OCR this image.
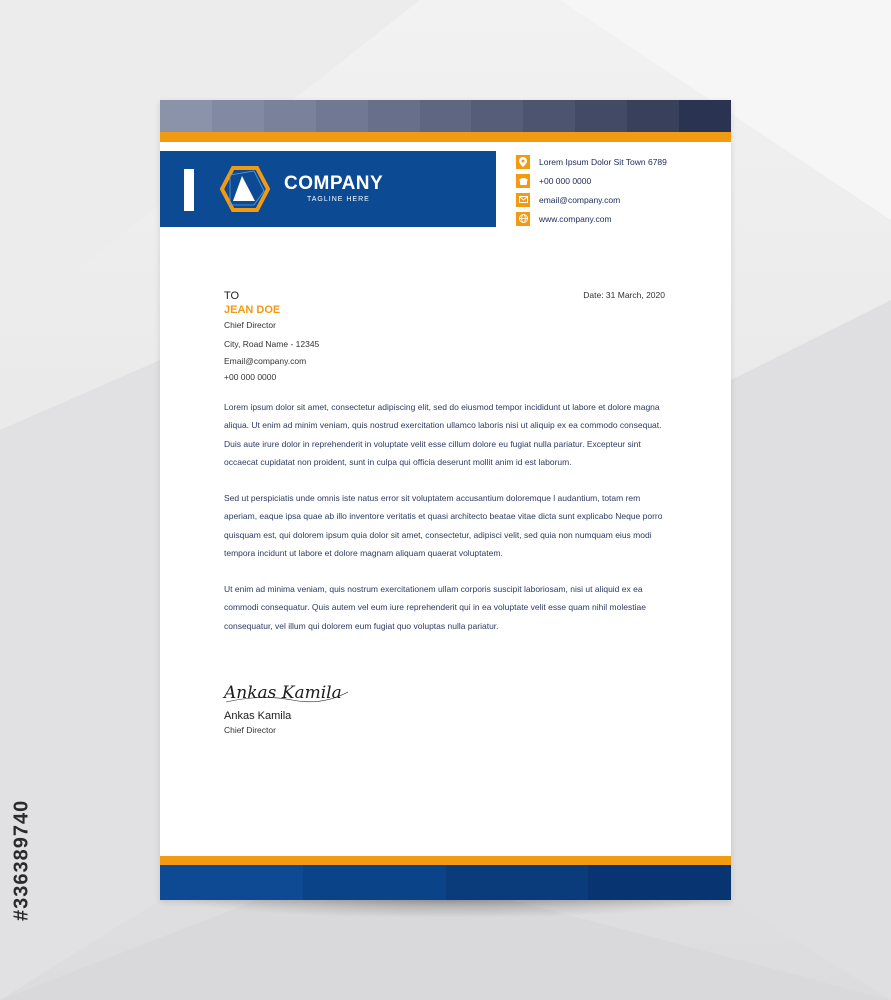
#336389740
COMPANY
TAGLINE HERE
Lorem Ipsum Dolor Sit Town 6789
+00 000 0000
email@company.com
www.company.com
Date: 31 March, 2020
TO
JEAN DOE
Chief Director
City, Road Name - 12345
Email@company.com
+00 000 0000

Lorem ipsum dolor sit amet, consectetur adipiscing elit, sed do eiusmod tempor incididunt ut labore et dolore magna aliqua. Ut enim ad minim veniam, quis nostrud exercitation ullamco laboris nisi ut aliquip ex ea commodo consequat. Duis aute irure dolor in reprehenderit in voluptate velit esse cillum dolore eu fugiat nulla pariatur. Excepteur sint occaecat cupidatat non proident, sunt in culpa qui officia deserunt mollit anim id est laborum.

Sed ut perspiciatis unde omnis iste natus error sit voluptatem accusantium doloremque l audantium, totam rem aperiam, eaque ipsa quae ab illo inventore veritatis et quasi architecto beatae vitae dicta sunt explicabo Neque porro quisquam est, qui dolorem ipsum quia dolor sit amet, consectetur, adipisci velit, sed quia non numquam eius modi tempora incidunt ut labore et dolore magnam aliquam quaerat voluptatem.

Ut enim ad minima veniam, quis nostrum exercitationem ullam corporis suscipit laboriosam, nisi ut aliquid ex ea commodi consequatur. Quis autem vel eum iure reprehenderit qui in ea voluptate velit esse quam nihil molestiae consequatur, vel illum qui dolorem eum fugiat quo voluptas nulla pariatur.

Ankas Kamila
Ankas Kamila
Chief Director
